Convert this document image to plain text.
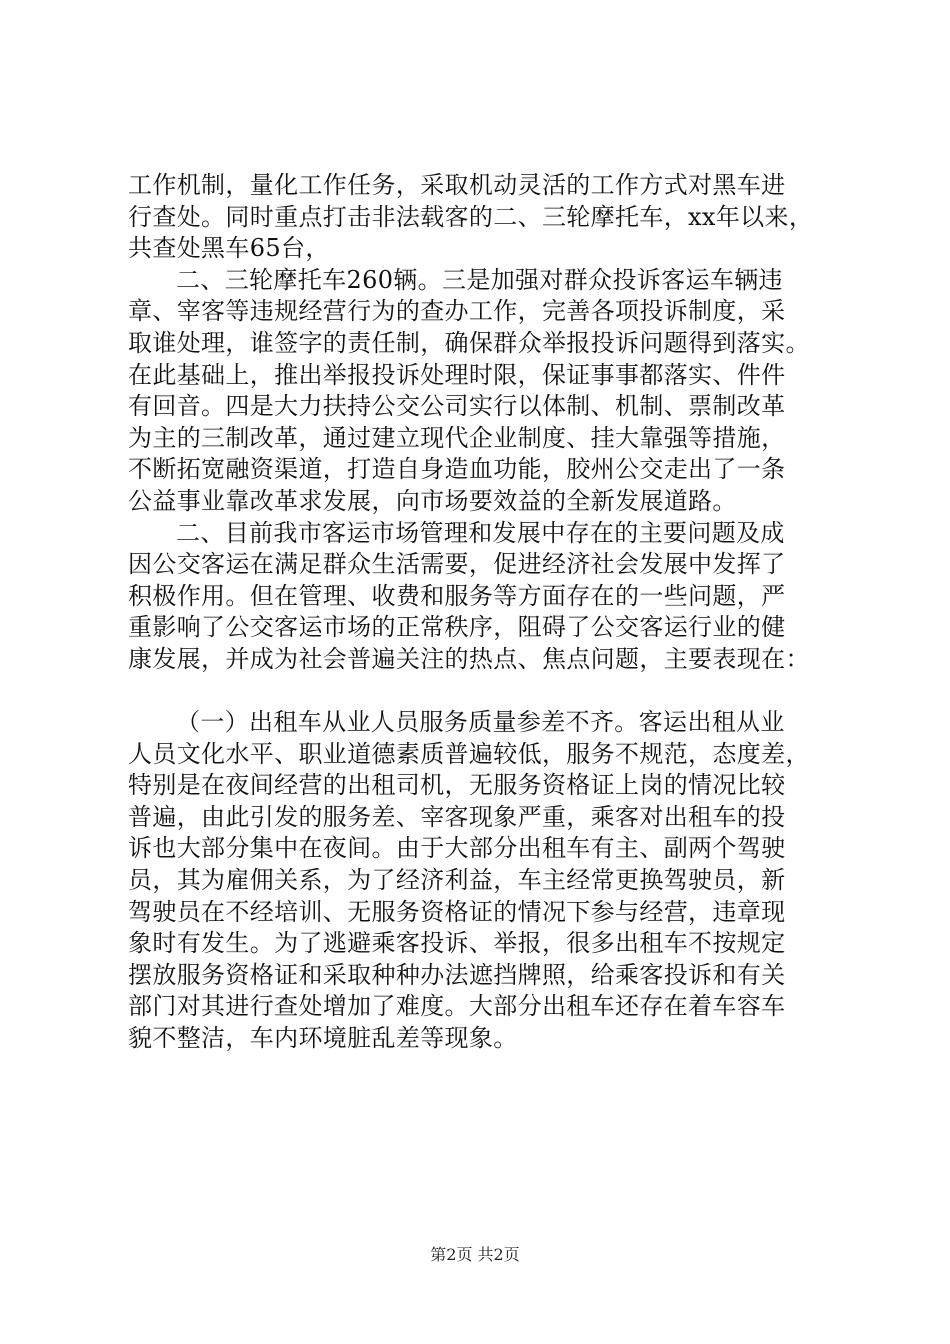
工作机制，量化工作任务，采取机动灵活的工作方式对黑车进
行查处。同时重点打击非法载客的二、三轮摩托车，xx年以来，
共查处黑车65台，
二、三轮摩托车260辆。三是加强对群众投诉客运车辆违
章、宰客等违规经营行为的查办工作，完善各项投诉制度，采
取谁处理，谁签字的责任制，确保群众举报投诉问题得到落实。
在此基础上，推出举报投诉处理时限，保证事事都落实、件件
有回音。四是大力扶持公交公司实行以体制、机制、票制改革
为主的三制改革，通过建立现代企业制度、挂大靠强等措施，
不断拓宽融资渠道，打造自身造血功能，胶州公交走出了一条
公益事业靠改革求发展，向市场要效益的全新发展道路。
二、目前我市客运市场管理和发展中存在的主要问题及成
因公交客运在满足群众生活需要，促进经济社会发展中发挥了
积极作用。但在管理、收费和服务等方面存在的一些问题，严
重影响了公交客运市场的正常秩序，阻碍了公交客运行业的健
康发展，并成为社会普遍关注的热点、焦点问题，主要表现在：
（一）出租车从业人员服务质量参差不齐。客运出租从业
人员文化水平、职业道德素质普遍较低，服务不规范，态度差，
特别是在夜间经营的出租司机，无服务资格证上岗的情况比较
普遍，由此引发的服务差、宰客现象严重，乘客对出租车的投
诉也大部分集中在夜间。由于大部分出租车有主、副两个驾驶
员，其为雇佣关系，为了经济利益，车主经常更换驾驶员，新
驾驶员在不经培训、无服务资格证的情况下参与经营，违章现
象时有发生。为了逃避乘客投诉、举报，很多出租车不按规定
摆放服务资格证和采取种种办法遮挡牌照，给乘客投诉和有关
部门对其进行查处增加了难度。大部分出租车还存在着车容车
貌不整洁，车内环境脏乱差等现象。
第2页 共2页
